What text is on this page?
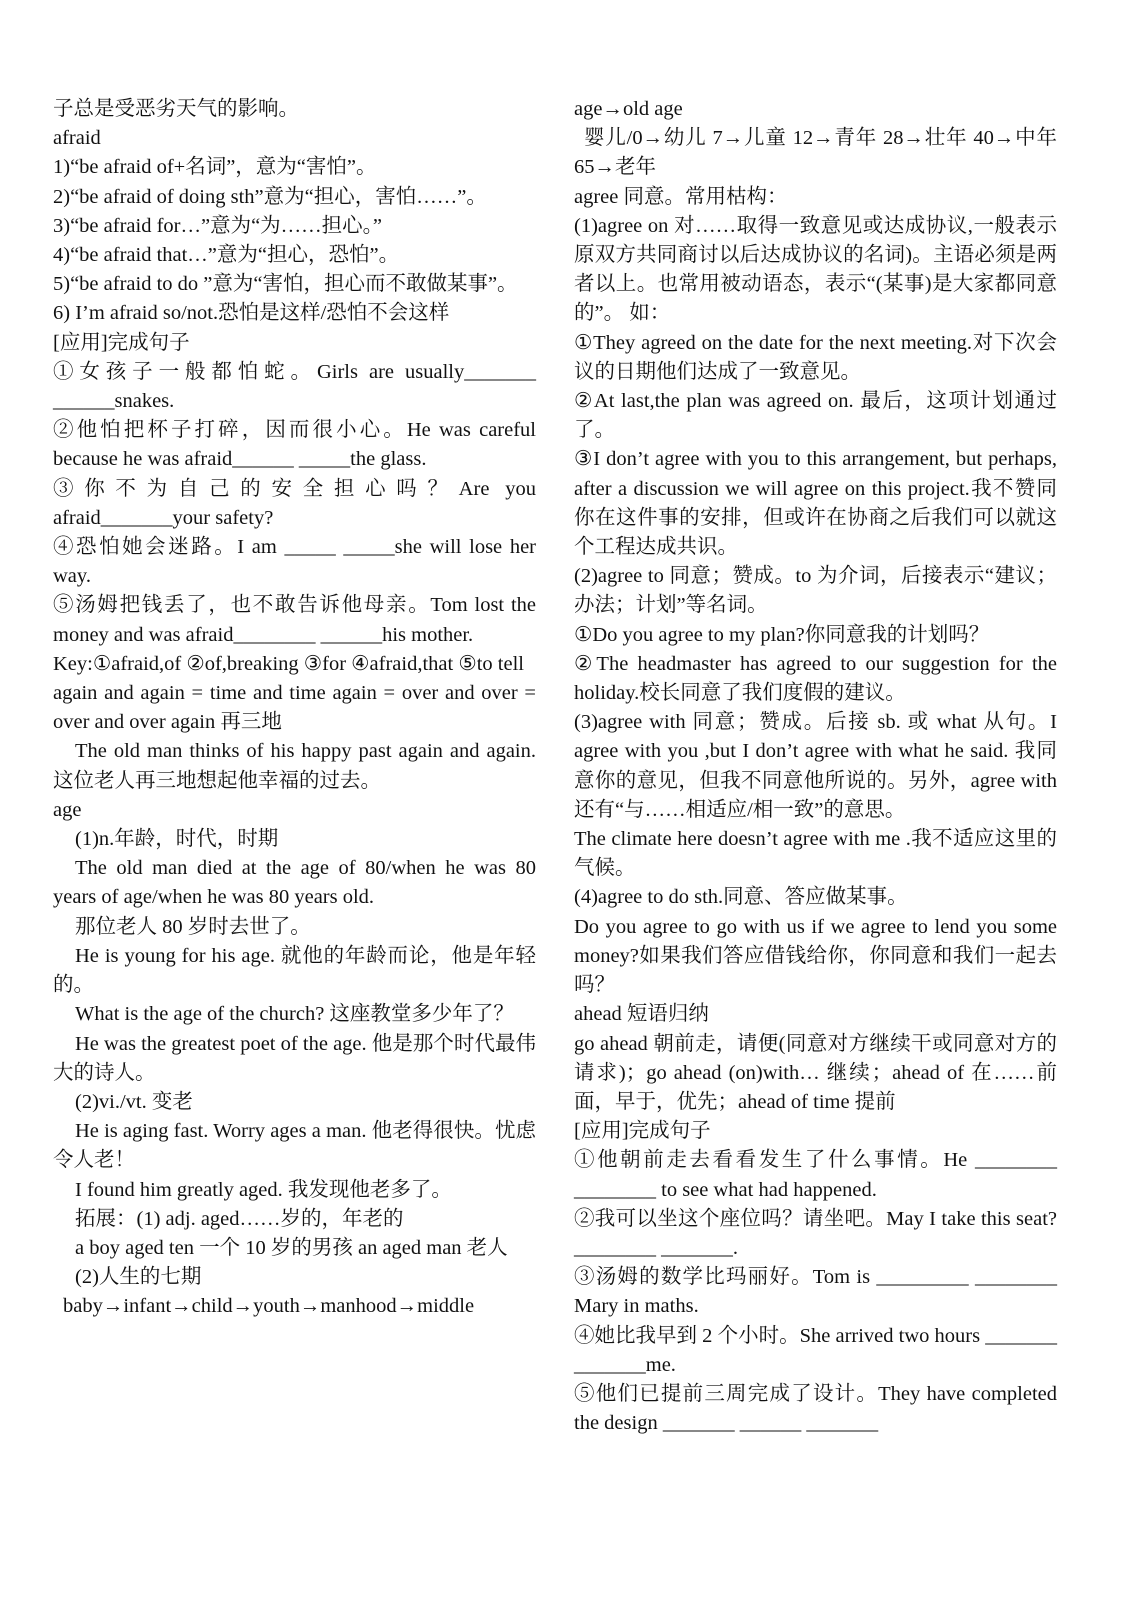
子总是受恶劣天气的影响。

afraid

1)“be afraid of+名词”，意为“害怕”。

2)“be afraid of doing sth”意为“担心，害怕……”。

3)“be afraid for…”意为“为……担心。”

4)“be afraid that…”意为“担心，恐怕”。

5)“be afraid to do ”意为“害怕，担心而不敢做某事”。

6) I’m afraid so/not.恐怕是这样/恐怕不会这样

[应用]完成句子

①女孩子一般都怕蛇。Girls are usually_______ ______snakes.

②他怕把杯子打碎，因而很小心。He was careful because he was afraid______ _____the glass.

③你不为自己的安全担心吗？Are you afraid_______your safety?

④恐怕她会迷路。I am _____ _____she will lose her way.

⑤汤姆把钱丢了，也不敢告诉他母亲。Tom lost the money and was afraid________ ______his mother.

Key:①afraid,of ②of,breaking ③for ④afraid,that ⑤to tell

again and again = time and time again = over and over = over and over again 再三地

The old man thinks of his happy past again and again. 这位老人再三地想起他幸福的过去。

age

(1)n.年龄，时代，时期

The old man died at the age of 80/when he was 80 years of age/when he was 80 years old.

那位老人 80 岁时去世了。

He is young for his age. 就他的年龄而论，他是年轻的。

What is the age of the church? 这座教堂多少年了？

He was the greatest poet of the age. 他是那个时代最伟大的诗人。

(2)vi./vt. 变老

He is aging fast. Worry ages a man. 他老得很快。忧虑令人老！

I found him greatly aged. 我发现他老多了。

拓展：(1) adj. aged……岁的，年老的

a boy aged ten 一个 10 岁的男孩 an aged man 老人

(2)人生的七期

baby→infant→child→youth→manhood→middle

age→old age

婴儿/0→幼儿 7→儿童 12→青年 28→壮年 40→中年 65→老年

agree 同意。常用枯构：

(1)agree on 对……取得一致意见或达成协议,一般表示原双方共同商讨以后达成协议的名词)。主语必须是两者以上。也常用被动语态，表示“(某事)是大家都同意的”。 如：

①They agreed on the date for the next meeting.对下次会议的日期他们达成了一致意见。

②At last,the plan was agreed on. 最后，这项计划通过了。

③I don’t agree with you to this arrangement, but perhaps, after a discussion we will agree on this project.我不赞同你在这件事的安排，但或许在协商之后我们可以就这个工程达成共识。

(2)agree to 同意；赞成。to 为介词，后接表示“建议；办法；计划”等名词。

①Do you agree to my plan?你同意我的计划吗？

②The headmaster has agreed to our suggestion for the holiday.校长同意了我们度假的建议。

(3)agree with 同意；赞成。后接 sb. 或 what 从句。I agree with you ,but I don’t agree with what he said. 我同意你的意见，但我不同意他所说的。另外，agree with 还有“与……相适应/相一致”的意思。

The climate here doesn’t agree with me .我不适应这里的气候。

(4)agree to do sth.同意、答应做某事。

Do you agree to go with us if we agree to lend you some money?如果我们答应借钱给你，你同意和我们一起去吗？

ahead 短语归纳

go ahead 朝前走，请便(同意对方继续干或同意对方的请求)；go ahead (on)with… 继续；ahead of 在……前面，早于，优先；ahead of time 提前

[应用]完成句子

①他朝前走去看看发生了什么事情。He ________ ________ to see what had happened.

②我可以坐这个座位吗？请坐吧。May I take this seat?________ _______.

③汤姆的数学比玛丽好。Tom is _________ ________ Mary in maths.

④她比我早到 2 个小时。She arrived two hours _______ _______me.

⑤他们已提前三周完成了设计。They have completed the design _______ ______ _______
